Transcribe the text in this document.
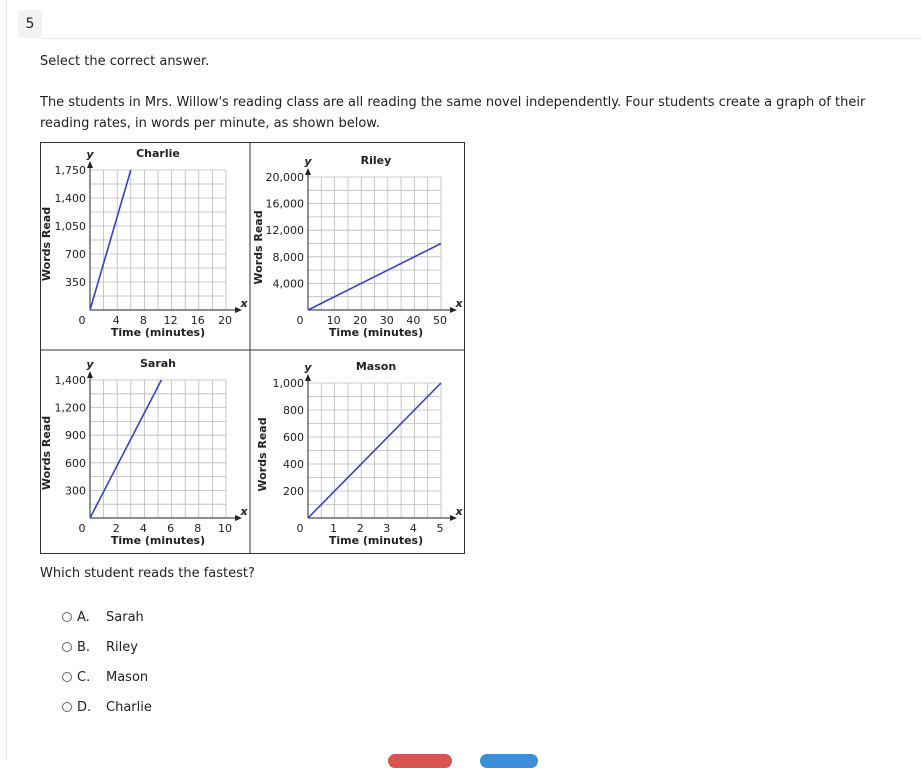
5
Select the correct answer.
The students in Mrs. Willow's reading class are all reading the same novel independently. Four students create a graph of their reading rates, in words per minute, as shown below.
x
y	Charlie
0 4 8 12 16 20
350
700
1,050
1,400
1,750
Time (minutes)
Words Read
x
y	Riley
0 10 20 30 40 50
4,000
8,000
12,000
16,000
20,000
Time (minutes)
Words Read
x
y	Sarah
0 2 4 6 8 10
300
600
900
1,200
1,400
Time (minutes)
Words Read
x
y	Mason
0 1 2 3 4 5
200
400
600
800
1,000
Time (minutes)
Words Read
Which student reads the fastest?
A. Sarah
B. Riley
C. Mason
D. Charlie
